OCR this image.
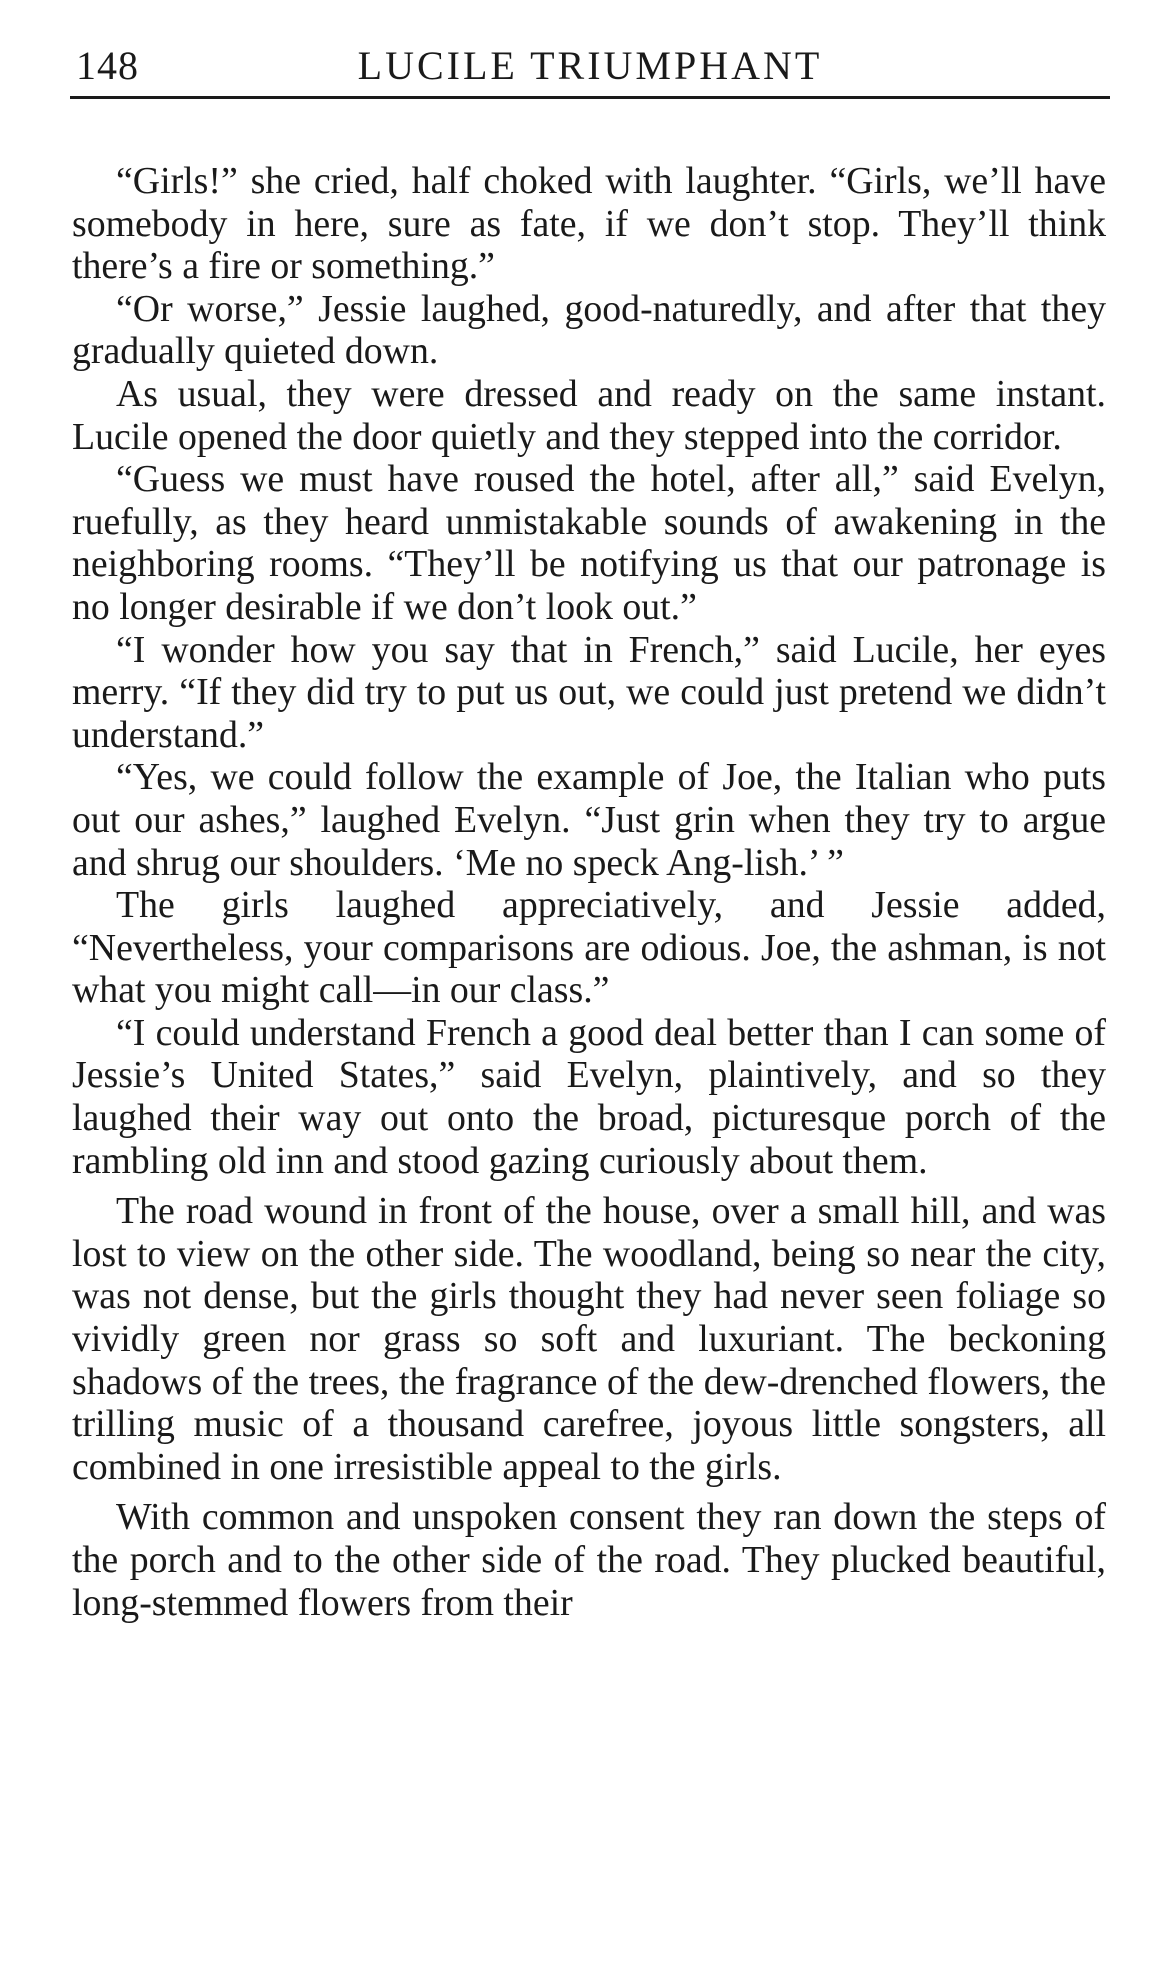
148	LUCILE TRIUMPHANT

“Girls!” she cried, half choked with laughter. “Girls, we’ll have somebody in here, sure as fate, if we don’t stop. They’ll think there’s a fire or something.”

“Or worse,” Jessie laughed, good-naturedly, and after that they gradually quieted down.

As usual, they were dressed and ready on the same instant. Lucile opened the door quietly and they stepped into the corridor.

“Guess we must have roused the hotel, after all,” said Evelyn, ruefully, as they heard unmistakable sounds of awakening in the neighboring rooms. “They’ll be notifying us that our patronage is no longer desirable if we don’t look out.”

“I wonder how you say that in French,” said Lucile, her eyes merry. “If they did try to put us out, we could just pretend we didn’t understand.”

“Yes, we could follow the example of Joe, the Italian who puts out our ashes,” laughed Evelyn. “Just grin when they try to argue and shrug our shoulders. ‘Me no speck Ang-lish.’ ”

The girls laughed appreciatively, and Jessie added, “Nevertheless, your comparisons are odious. Joe, the ashman, is not what you might call—in our class.”

“I could understand French a good deal better than I can some of Jessie’s United States,” said Evelyn, plaintively, and so they laughed their way out onto the broad, picturesque porch of the rambling old inn and stood gazing curiously about them.

The road wound in front of the house, over a small hill, and was lost to view on the other side. The woodland, being so near the city, was not dense, but the girls thought they had never seen foliage so vividly green nor grass so soft and luxuriant. The beckoning shadows of the trees, the fragrance of the dew-drenched flowers, the trilling music of a thousand carefree, joyous little songsters, all combined in one irresistible appeal to the girls.

With common and unspoken consent they ran down the steps of the porch and to the other side of the road. They plucked beautiful, long-stemmed flowers from their
